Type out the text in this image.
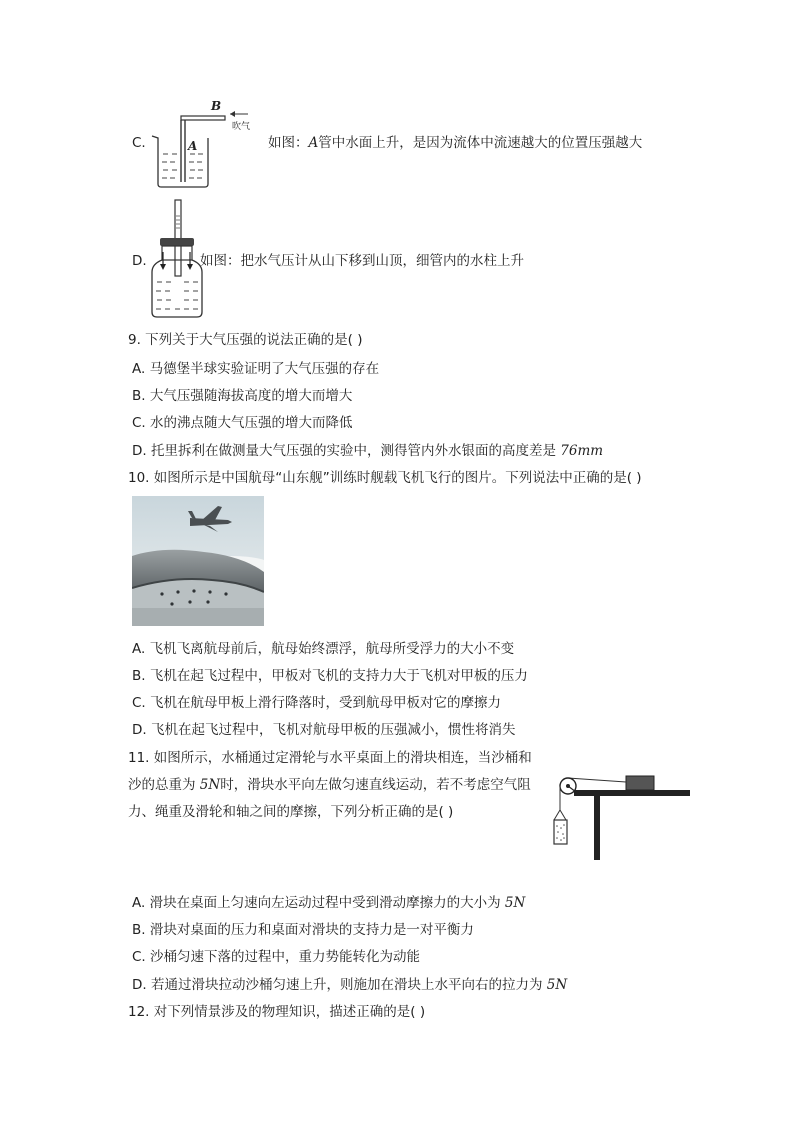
C.
B
吹气
A	如图：A管中水面上升，是因为流体中流速越大的位置压强越大
D.	如图：把水气压计从山下移到山顶，细管内的水柱上升
9. 下列关于大气压强的说法正确的是( )
A. 马德堡半球实验证明了大气压强的存在
B. 大气压强随海拔高度的增大而增大
C. 水的沸点随大气压强的增大而降低
D. 托里拆利在做测量大气压强的实验中，测得管内外水银面的高度差是 76mm
10. 如图所示是中国航母“山东舰”训练时舰载飞机飞行的图片。下列说法中正确的是( )
A. 飞机飞离航母前后，航母始终漂浮，航母所受浮力的大小不变
B. 飞机在起飞过程中，甲板对飞机的支持力大于飞机对甲板的压力
C. 飞机在航母甲板上滑行降落时，受到航母甲板对它的摩擦力
D. 飞机在起飞过程中，飞机对航母甲板的压强减小，惯性将消失
11. 如图所示，水桶通过定滑轮与水平桌面上的滑块相连，当沙桶和
沙的总重为 5N时，滑块水平向左做匀速直线运动，若不考虑空气阻
力、绳重及滑轮和轴之间的摩擦，下列分析正确的是( )
A. 滑块在桌面上匀速向左运动过程中受到滑动摩擦力的大小为 5N
B. 滑块对桌面的压力和桌面对滑块的支持力是一对平衡力
C. 沙桶匀速下落的过程中，重力势能转化为动能
D. 若通过滑块拉动沙桶匀速上升，则施加在滑块上水平向右的拉力为 5N
12. 对下列情景涉及的物理知识，描述正确的是( )
